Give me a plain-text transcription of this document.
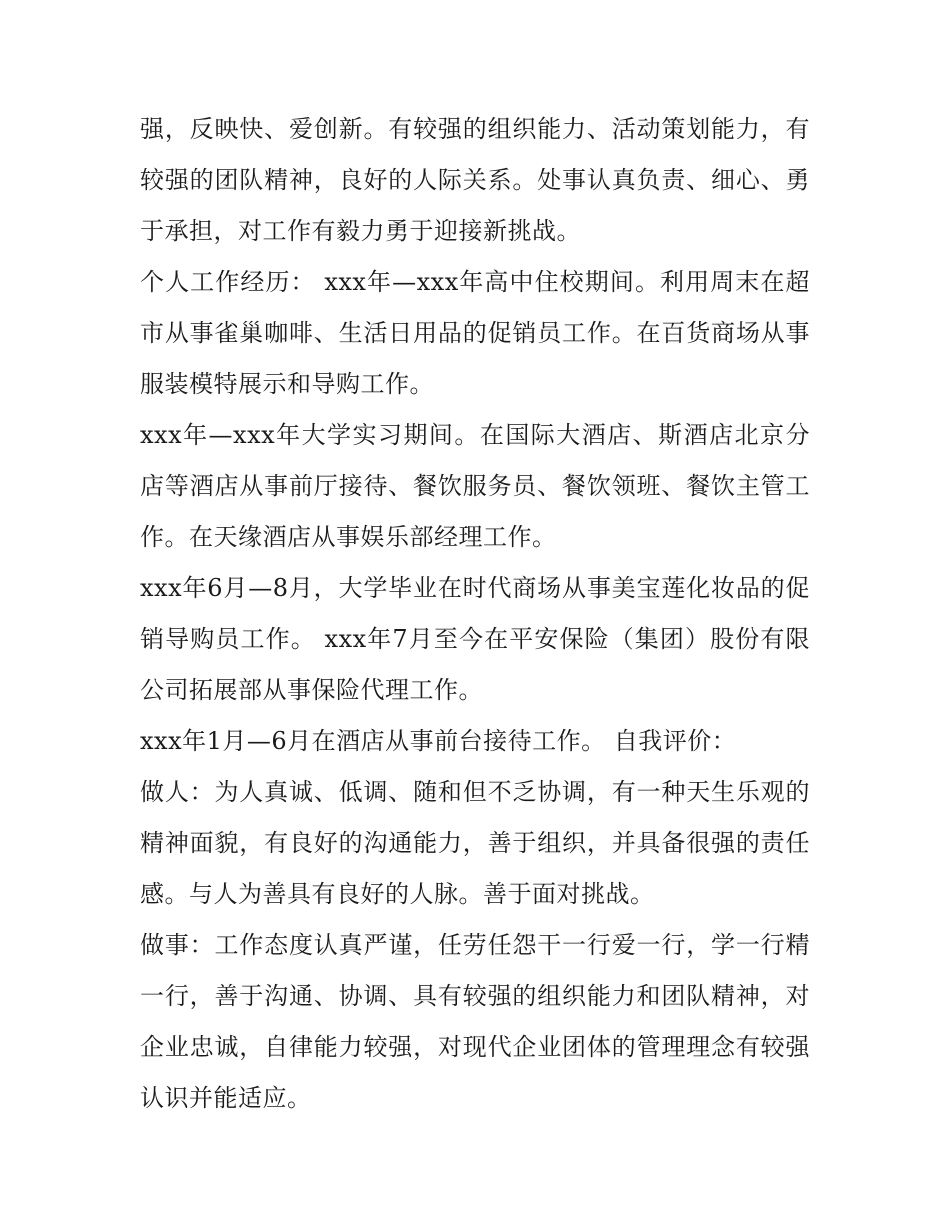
强，反映快、爱创新。有较强的组织能力、活动策划能力，有较强的团队精神，良好的人际关系。处事认真负责、细心、勇于承担，对工作有毅力勇于迎接新挑战。

个人工作经历： xxx年—xxx年高中住校期间。利用周末在超市从事雀巢咖啡、生活日用品的促销员工作。在百货商场从事服装模特展示和导购工作。

xxx年—xxx年大学实习期间。在国际大酒店、斯酒店北京分店等酒店从事前厅接待、餐饮服务员、餐饮领班、餐饮主管工作。在天缘酒店从事娱乐部经理工作。

xxx年6月—8月，大学毕业在时代商场从事美宝莲化妆品的促销导购员工作。 xxx年7月至今在平安保险（集团）股份有限公司拓展部从事保险代理工作。

xxx年1月—6月在酒店从事前台接待工作。 自我评价：

做人：为人真诚、低调、随和但不乏协调，有一种天生乐观的精神面貌，有良好的沟通能力，善于组织，并具备很强的责任感。与人为善具有良好的人脉。善于面对挑战。

做事：工作态度认真严谨，任劳任怨干一行爱一行，学一行精一行，善于沟通、协调、具有较强的组织能力和团队精神，对企业忠诚，自律能力较强，对现代企业团体的管理理念有较强认识并能适应。
